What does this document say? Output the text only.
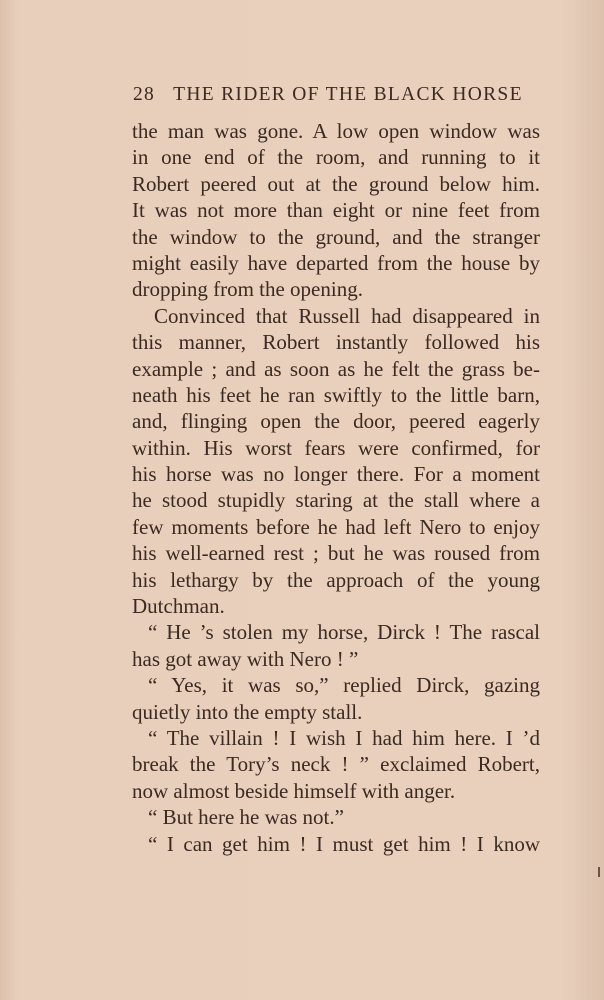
28 THE RIDER OF THE BLACK HORSE
the man was gone. A low open window was
in one end of the room, and running to it
Robert peered out at the ground below him.
It was not more than eight or nine feet from
the window to the ground, and the stranger
might easily have departed from the house by
dropping from the opening.
Convinced that Russell had disappeared in
this manner, Robert instantly followed his
example ; and as soon as he felt the grass be-
neath his feet he ran swiftly to the little barn,
and, flinging open the door, peered eagerly
within. His worst fears were confirmed, for
his horse was no longer there. For a moment
he stood stupidly staring at the stall where a
few moments before he had left Nero to enjoy
his well-earned rest ; but he was roused from
his lethargy by the approach of the young
Dutchman.
“ He ’s stolen my horse, Dirck ! The rascal
has got away with Nero ! ”
“ Yes, it was so,” replied Dirck, gazing
quietly into the empty stall.
“ The villain ! I wish I had him here. I ’d
break the Tory’s neck ! ” exclaimed Robert,
now almost beside himself with anger.
“ But here he was not.”
“ I can get him ! I must get him ! I know
